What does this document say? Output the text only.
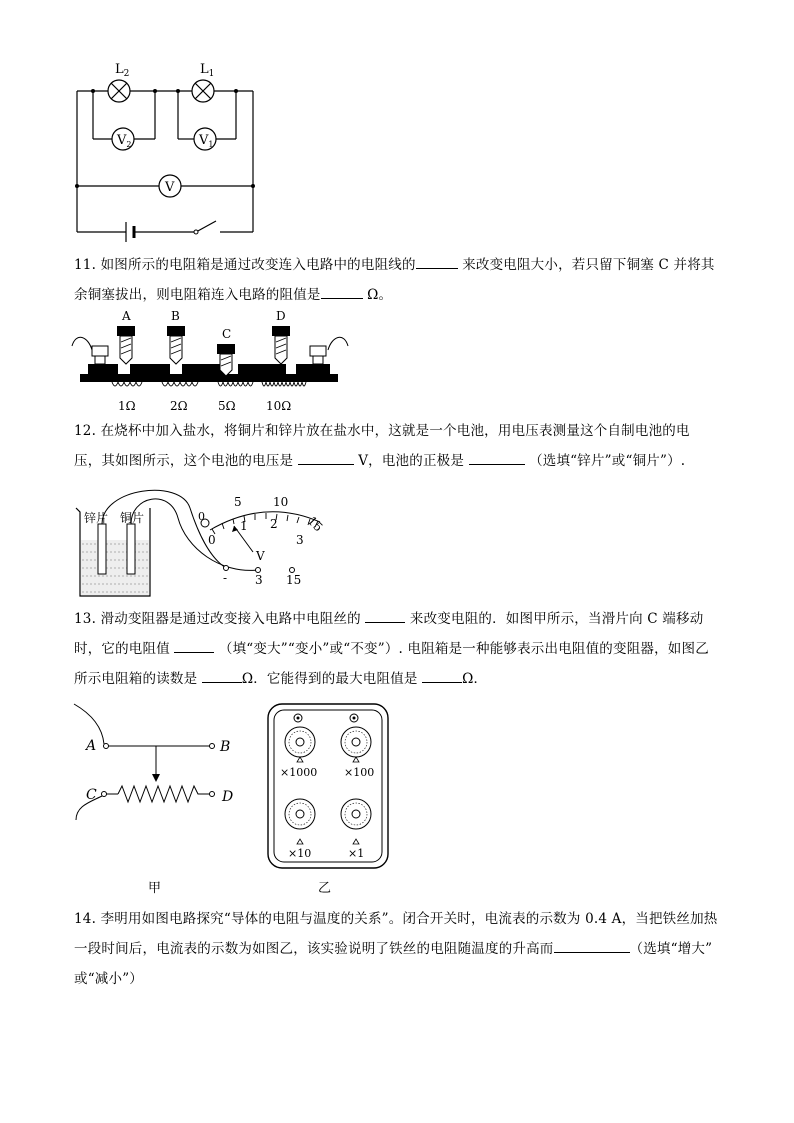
$L_2$	$L_1$
$V_2$	$V_1$
V
11. 如图所示的电阻箱是通过改变连入电路中的电阻线的	来改变电阻大小，若只留下铜塞 C 并将其
余铜塞拔出，则电阻箱连入电路的阻值是	Ω。
A	B
C
D
1Ω	2Ω	5Ω	10Ω
12. 在烧杯中加入盐水，将铜片和锌片放在盐水中，这就是一个电池，用电压表测量这个自制电池的电
压，其如图所示，这个电池的电压是	V，电池的正极是	（选填“锌片”或“铜片”）.
锌片 铜片
5	10
15
0
1 2
3
0
V
- 3 15
13. 滑动变阻器是通过改变接入电路中电阻丝的	来改变电阻的．如图甲所示，当滑片向 C 端移动
时，它的电阻值	（填“变大”“变小”或“不变”）. 电阻箱是一种能够表示出电阻值的变阻器，如图乙
所示电阻箱的读数是	Ω．它能得到的最大电阻值是	Ω．
A	B
C	D
甲
×1000 ×100
×10	×1
乙
14. 李明用如图电路探究“导体的电阻与温度的关系”。闭合开关时，电流表的示数为 0.4 A，当把铁丝加热
一段时间后，电流表的示数为如图乙，该实验说明了铁丝的电阻随温度的升高而	（选填“增大”
或“减小”）
